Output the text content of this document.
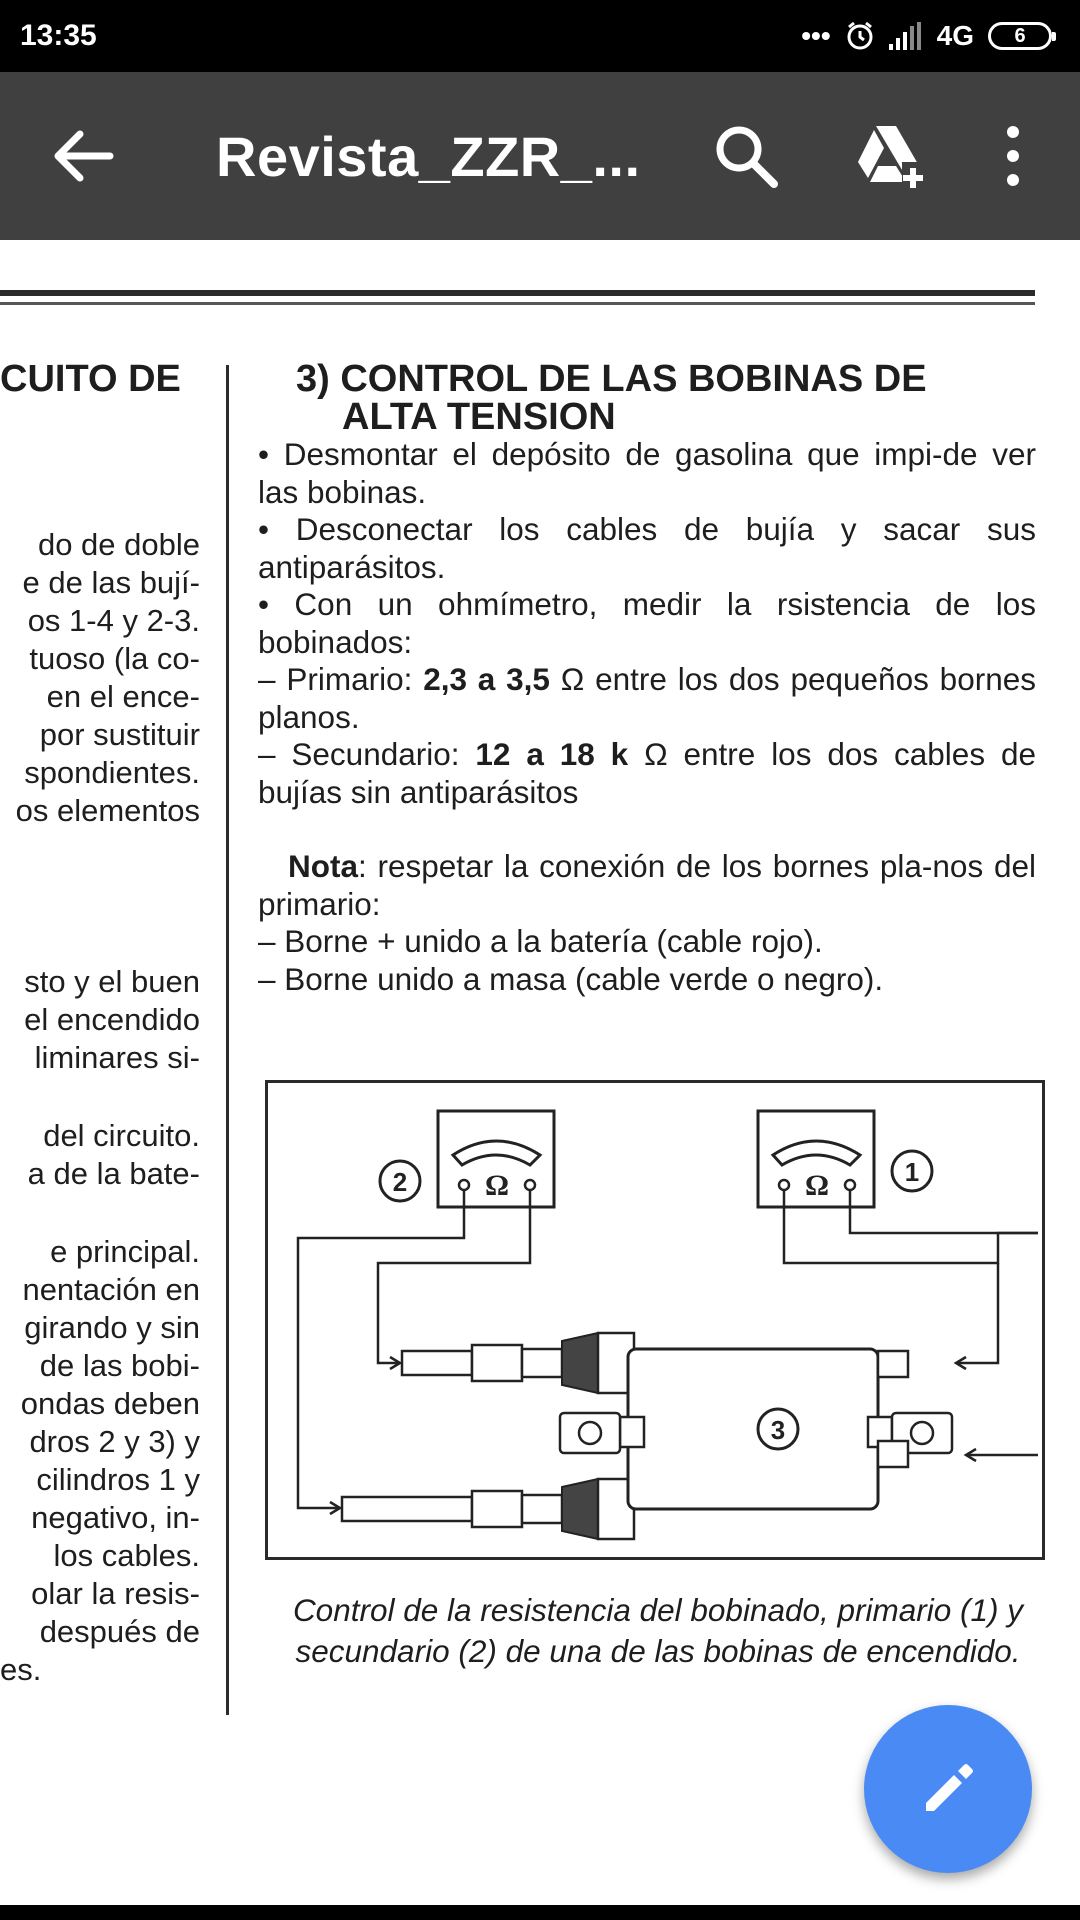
13:35	•••	4G 6
Revista_ZZR_...
CUITO DE
do de doble
e de las bují-
os 1-4 y 2-3.
tuoso (la co-
en el ence-
por sustituir
spondientes.
os elementos
sto y el buen
el encendido
liminares si-
del circuito.
a de la bate-
e principal.
nentación en
girando y sin
de las bobi-
ondas deben
dros 2 y 3) y
cilindros 1 y
negativo, in-
los cables.
olar la resis-
después de
es.
3) CONTROL DE LAS BOBINAS DE
ALTA TENSION

• Desmontar el depósito de gasolina que impi-de ver las bobinas.

• Desconectar los cables de bujía y sacar sus antiparásitos.

• Con un ohmímetro, medir la rsistencia de los bobinados:

– Primario: 2,3 a 3,5 Ω entre los dos pequeños bornes planos.

– Secundario: 12 a 18 k Ω entre los dos cables de bujías sin antiparásitos

Nota: respetar la conexión de los bornes pla-nos del primario:

– Borne + unido a la batería (cable rojo).

– Borne unido a masa (cable verde o negro).

Ω
2	Ω	1
3
Control de la resistencia del bobinado, primario (1) y secundario (2) de una de las bobinas de encendido.
